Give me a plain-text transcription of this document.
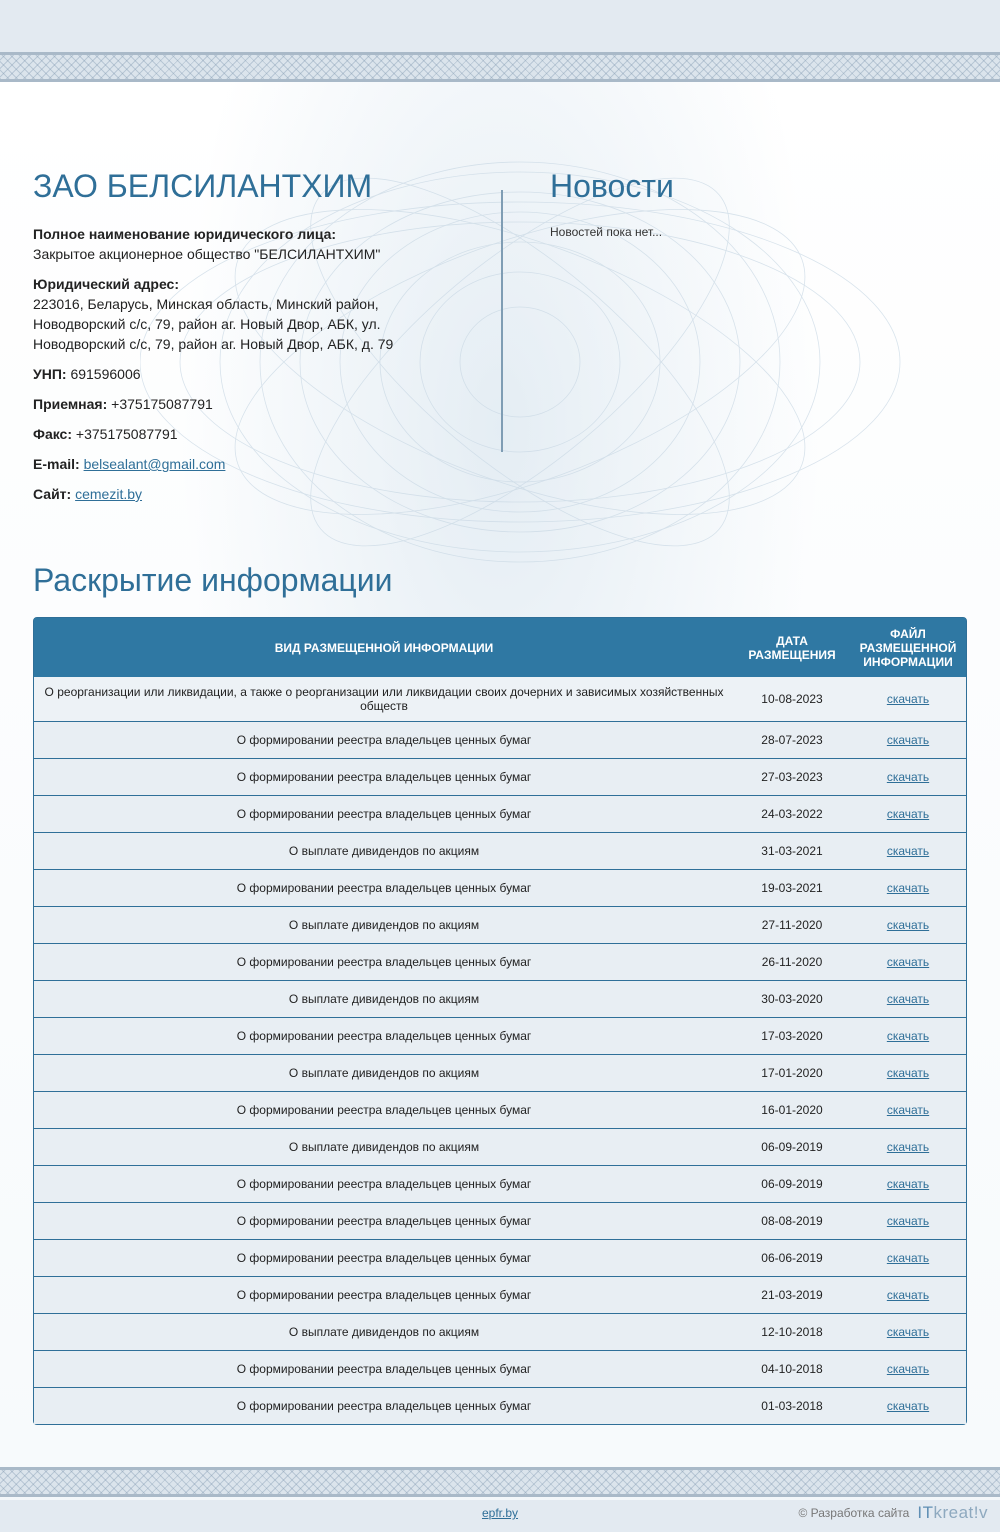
ЗАО БЕЛСИЛАНТХИМ
Полное наименование юридического лица:
Закрытое акционерное общество "БЕЛСИЛАНТХИМ"
Юридический адрес:
223016, Беларусь, Минская область, Минский район, Новодворский с/с, 79, район аг. Новый Двор, АБК, ул. Новодворский с/с, 79, район аг. Новый Двор, АБК, д. 79
УНП: 691596006
Приемная: +375175087791
Факс: +375175087791
E-mail: belsealant@gmail.com
Сайт: cemezit.by
Новости
Новостей пока нет...
Раскрытие информации
ВИД РАЗМЕЩЕННОЙ ИНФОРМАЦИИ	ДАТА РАЗМЕЩЕНИЯ	ФАЙЛ РАЗМЕЩЕННОЙ ИНФОРМАЦИИ
О реорганизации или ликвидации, а также о реорганизации или ликвидации своих дочерних и зависимых хозяйственных обществ	10-08-2023	скачать
О формировании реестра владельцев ценных бумаг	28-07-2023	скачать
О формировании реестра владельцев ценных бумаг	27-03-2023	скачать
О формировании реестра владельцев ценных бумаг	24-03-2022	скачать
О выплате дивидендов по акциям	31-03-2021	скачать
О формировании реестра владельцев ценных бумаг	19-03-2021	скачать
О выплате дивидендов по акциям	27-11-2020	скачать
О формировании реестра владельцев ценных бумаг	26-11-2020	скачать
О выплате дивидендов по акциям	30-03-2020	скачать
О формировании реестра владельцев ценных бумаг	17-03-2020	скачать
О выплате дивидендов по акциям	17-01-2020	скачать
О формировании реестра владельцев ценных бумаг	16-01-2020	скачать
О выплате дивидендов по акциям	06-09-2019	скачать
О формировании реестра владельцев ценных бумаг	06-09-2019	скачать
О формировании реестра владельцев ценных бумаг	08-08-2019	скачать
О формировании реестра владельцев ценных бумаг	06-06-2019	скачать
О формировании реестра владельцев ценных бумаг	21-03-2019	скачать
О выплате дивидендов по акциям	12-10-2018	скачать
О формировании реестра владельцев ценных бумаг	04-10-2018	скачать
О формировании реестра владельцев ценных бумаг	01-03-2018	скачать
epfr.by	© Разработка сайта ITkreat!v
